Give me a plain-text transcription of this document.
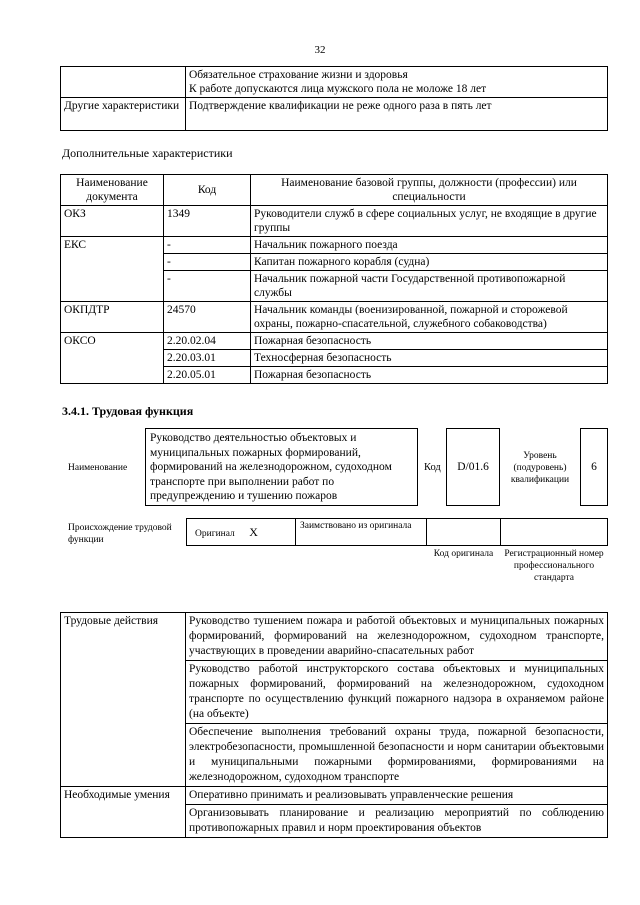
32

	Обязательное страхование жизни и здоровья
К работе допускаются лица мужского пола не моложе 18 лет

Другие характеристики	Подтверждение квалификации не реже одного раза в пять лет
Дополнительные характеристики
Наименование документа	Код	Наименование базовой группы, должности (профессии) или специальности
ОКЗ	1349	Руководители служб в сфере социальных услуг, не входящие в другие группы
ЕКС	-	Начальник пожарного поезда
	-	Капитан пожарного корабля (судна)
	-	Начальник пожарной части Государственной противопожарной службы
ОКПДТР	24570	Начальник команды (военизированной, пожарной и сторожевой охраны, пожарно-спасательной, служебного собаководства)
ОКСО	2.20.02.04	Пожарная безопасность
	2.20.03.01	Техносферная безопасность
	2.20.05.01	Пожарная безопасность
3.4.1. Трудовая функция
Наименование
Руководство деятельностью объектовых и муниципальных пожарных формирований, формирований на железнодорожном, судоходном транспорте при выполнении работ по предупреждению и тушению пожаров
Код	D/01.6
Уровень (подуровень) квалификации
6
Происхождение трудовой функции
Оригинал X	Заимствовано из оригинала
Код оригинала	Регистрационный номер профессионального стандарта
Трудовые действия	Руководство тушением пожара и работой объектовых и муниципальных пожарных формирований, формирований на железнодорожном, судоходном транспорте, участвующих в проведении аварийно-спасательных работ
	Руководство работой инструкторского состава объектовых и муниципальных пожарных формирований, формирований на железнодорожном, судоходном транспорте по осуществлению функций пожарного надзора в охраняемом районе (на объекте)
	Обеспечение выполнения требований охраны труда, пожарной безопасности, электробезопасности, промышленной безопасности и норм санитарии объектовыми и муниципальными пожарными формированиями, формированиями на железнодорожном, судоходном транспорте
Необходимые умения	Оперативно принимать и реализовывать управленческие решения
	Организовывать планирование и реализацию мероприятий по соблюдению противопожарных правил и норм проектирования объектов
